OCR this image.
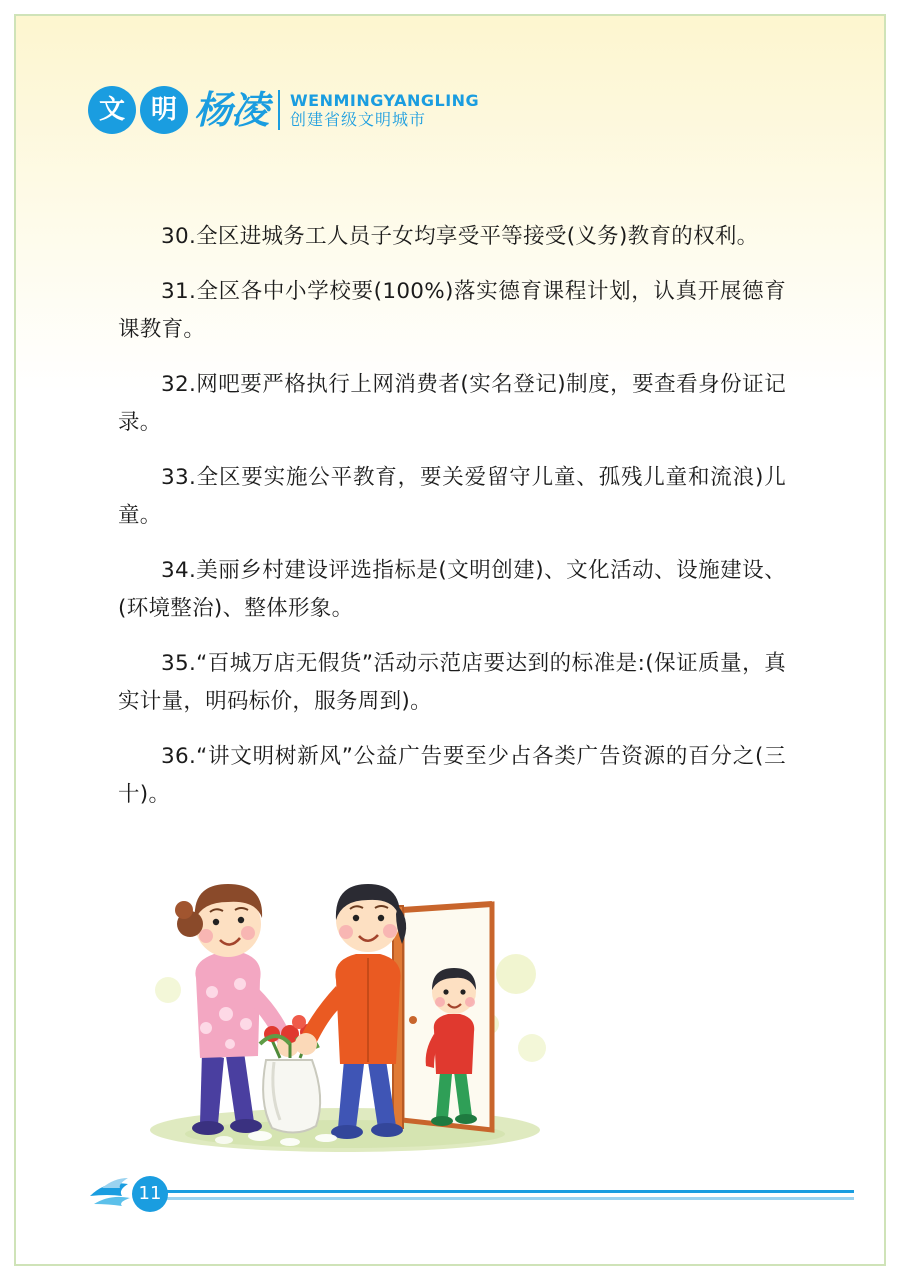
文 明 杨凌 WENMINGYANGLING
创建省级文明城市

30.全区进城务工人员子女均享受平等接受(义务)教育的权利。

31.全区各中小学校要(100%)落实德育课程计划，认真开展德育课教育。

32.网吧要严格执行上网消费者(实名登记)制度，要查看身份证记录。

33.全区要实施公平教育，要关爱留守儿童、孤残儿童和流浪)儿童。

34.美丽乡村建设评选指标是(文明创建)、文化活动、设施建设、(环境整治)、整体形象。

35.“百城万店无假货”活动示范店要达到的标准是:(保证质量，真实计量，明码标价，服务周到)。

36.“讲文明树新风”公益广告要至少占各类广告资源的百分之(三十)。

11
